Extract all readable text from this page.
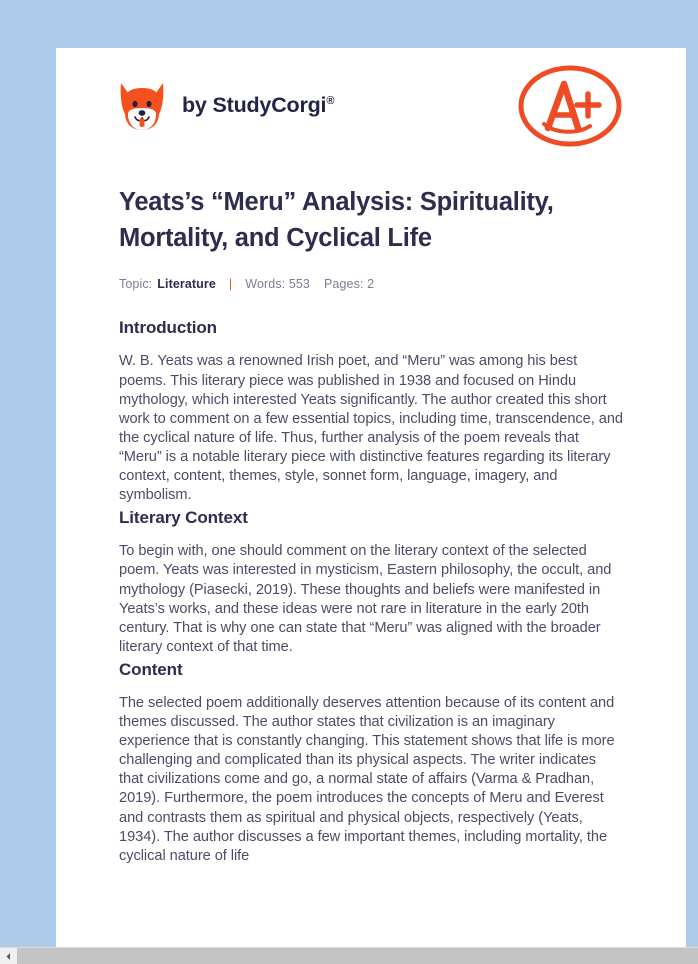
by StudyCorgi®
Yeats’s “Meru” Analysis: Spirituality, Mortality, and Cyclical Life
Topic: Literature | Words: 553 Pages: 2
Introduction

W. B. Yeats was a renowned Irish poet, and “Meru” was among his best poems. This literary piece was published in 1938 and focused on Hindu mythology, which interested Yeats significantly. The author created this short work to comment on a few essential topics, including time, transcendence, and the cyclical nature of life. Thus, further analysis of the poem reveals that “Meru” is a notable literary piece with distinctive features regarding its literary context, content, themes, style, sonnet form, language, imagery, and symbolism.

Literary Context

To begin with, one should comment on the literary context of the selected poem. Yeats was interested in mysticism, Eastern philosophy, the occult, and mythology (Piasecki, 2019). These thoughts and beliefs were manifested in Yeats’s works, and these ideas were not rare in literature in the early 20th century. That is why one can state that “Meru” was aligned with the broader literary context of that time.

Content

The selected poem additionally deserves attention because of its content and themes discussed. The author states that civilization is an imaginary experience that is constantly changing. This statement shows that life is more challenging and complicated than its physical aspects. The writer indicates that civilizations come and go, a normal state of affairs (Varma & Pradhan, 2019). Furthermore, the poem introduces the concepts of Meru and Everest and contrasts them as spiritual and physical objects, respectively (Yeats, 1934). The author discusses a few important themes, including mortality, the cyclical nature of life
